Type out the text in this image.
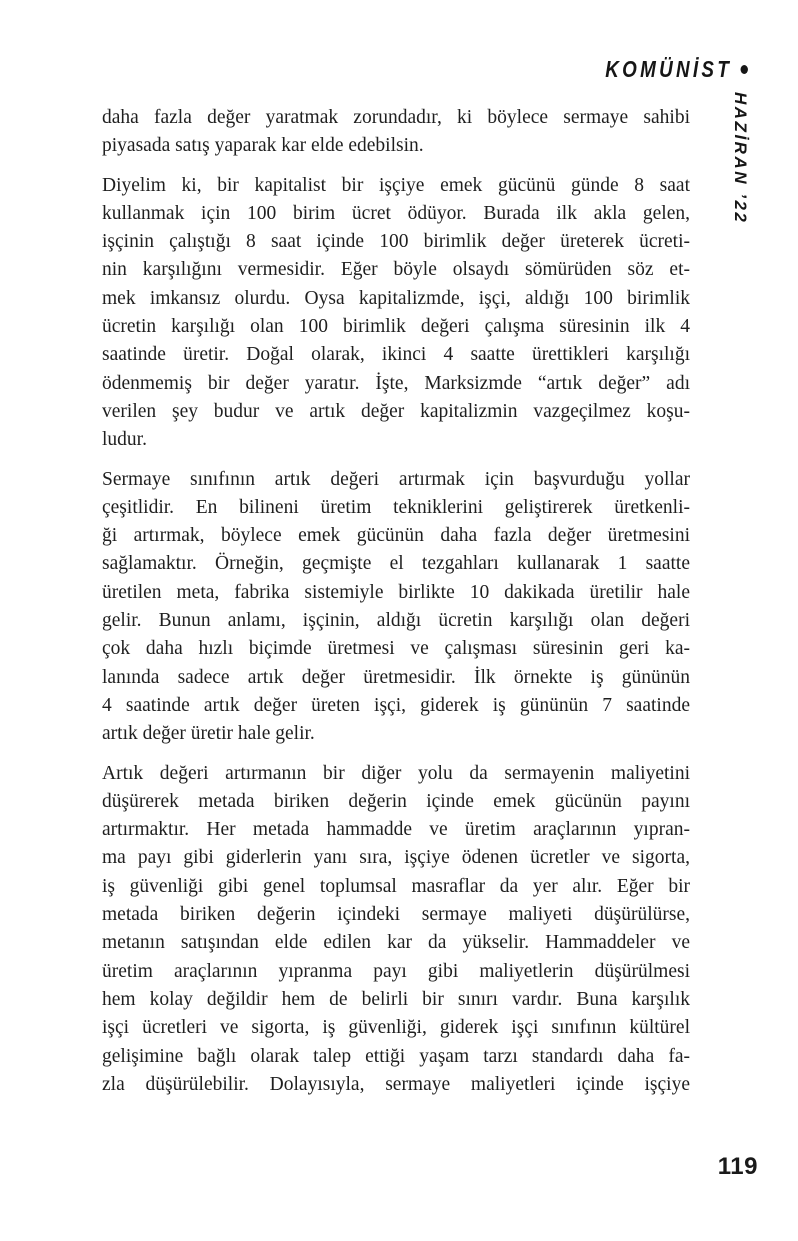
KOMÜNİST
HAZİRAN ’22
daha fazla değer yaratmak zorundadır, ki böylece sermaye sahibi
piyasada satış yaparak kar elde edebilsin.
Diyelim ki, bir kapitalist bir işçiye emek gücünü günde 8 saat
kullanmak için 100 birim ücret ödüyor. Burada ilk akla gelen,
işçinin çalıştığı 8 saat içinde 100 birimlik değer üreterek ücreti-
nin karşılığını vermesidir. Eğer böyle olsaydı sömürüden söz et-
mek imkansız olurdu. Oysa kapitalizmde, işçi, aldığı 100 birimlik
ücretin karşılığı olan 100 birimlik değeri çalışma süresinin ilk 4
saatinde üretir. Doğal olarak, ikinci 4 saatte ürettikleri karşılığı
ödenmemiş bir değer yaratır. İşte, Marksizmde “artık değer” adı
verilen şey budur ve artık değer kapitalizmin vazgeçilmez koşu-
ludur.
Sermaye sınıfının artık değeri artırmak için başvurduğu yollar
çeşitlidir. En bilineni üretim tekniklerini geliştirerek üretkenli-
ği artırmak, böylece emek gücünün daha fazla değer üretmesini
sağlamaktır. Örneğin, geçmişte el tezgahları kullanarak 1 saatte
üretilen meta, fabrika sistemiyle birlikte 10 dakikada üretilir hale
gelir. Bunun anlamı, işçinin, aldığı ücretin karşılığı olan değeri
çok daha hızlı biçimde üretmesi ve çalışması süresinin geri ka-
lanında sadece artık değer üretmesidir. İlk örnekte iş gününün
4 saatinde artık değer üreten işçi, giderek iş gününün 7 saatinde
artık değer üretir hale gelir.
Artık değeri artırmanın bir diğer yolu da sermayenin maliyetini
düşürerek metada biriken değerin içinde emek gücünün payını
artırmaktır. Her metada hammadde ve üretim araçlarının yıpran-
ma payı gibi giderlerin yanı sıra, işçiye ödenen ücretler ve sigorta,
iş güvenliği gibi genel toplumsal masraflar da yer alır. Eğer bir
metada biriken değerin içindeki sermaye maliyeti düşürülürse,
metanın satışından elde edilen kar da yükselir. Hammaddeler ve
üretim araçlarının yıpranma payı gibi maliyetlerin düşürülmesi
hem kolay değildir hem de belirli bir sınırı vardır. Buna karşılık
işçi ücretleri ve sigorta, iş güvenliği, giderek işçi sınıfının kültürel
gelişimine bağlı olarak talep ettiği yaşam tarzı standardı daha fa-
zla düşürülebilir. Dolayısıyla, sermaye maliyetleri içinde işçiye
119
